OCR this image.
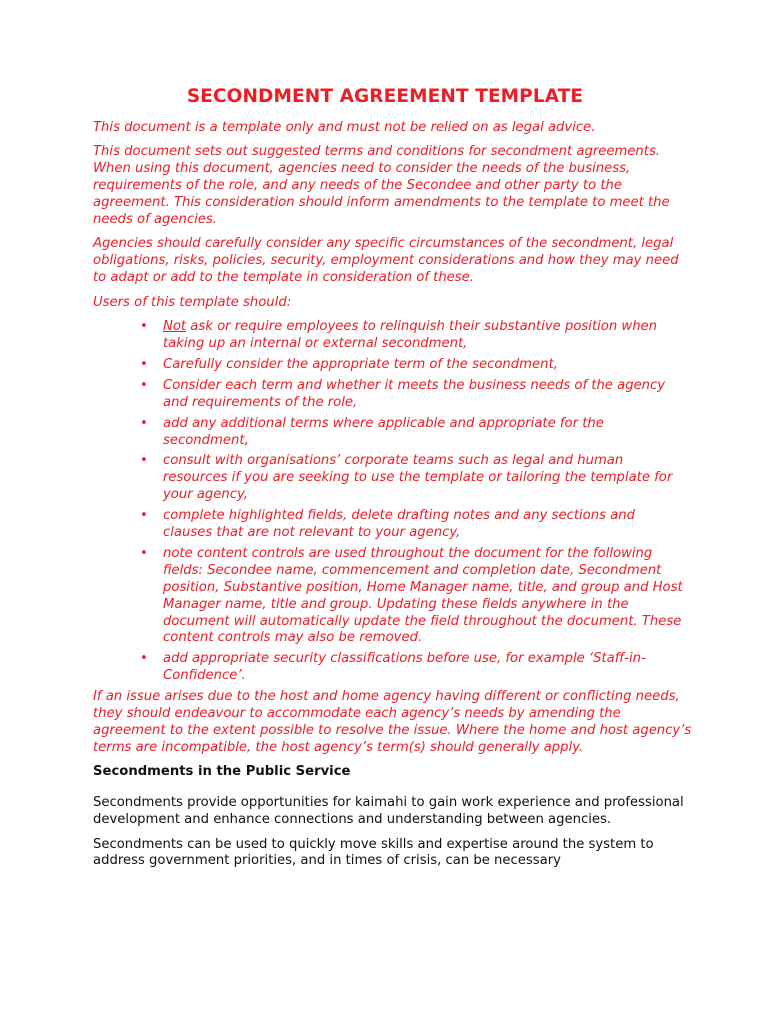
SECONDMENT AGREEMENT TEMPLATE

This document is a template only and must not be relied on as legal advice.

This document sets out suggested terms and conditions for secondment agreements. When using this document, agencies need to consider the needs of the business, requirements of the role, and any needs of the Secondee and other party to the agreement. This consideration should inform amendments to the template to meet the needs of agencies.

Agencies should carefully consider any specific circumstances of the secondment, legal obligations, risks, policies, security, employment considerations and how they may need to adapt or add to the template in consideration of these.

Users of this template should:

• Not ask or require employees to relinquish their substantive position when taking up an internal or external secondment,
• Carefully consider the appropriate term of the secondment,
• Consider each term and whether it meets the business needs of the agency and requirements of the role,
• add any additional terms where applicable and appropriate for the secondment,
• consult with organisations’ corporate teams such as legal and human resources if you are seeking to use the template or tailoring the template for your agency,
• complete highlighted fields, delete drafting notes and any sections and clauses that are not relevant to your agency,
• note content controls are used throughout the document for the following fields: Secondee name, commencement and completion date, Secondment position, Substantive position, Home Manager name, title, and group and Host Manager name, title and group. Updating these fields anywhere in the document will automatically update the field throughout the document. These content controls may also be removed.
• add appropriate security classifications before use, for example ‘Staff-in-Confidence’.

If an issue arises due to the host and home agency having different or conflicting needs, they should endeavour to accommodate each agency’s needs by amending the agreement to the extent possible to resolve the issue. Where the home and host agency’s terms are incompatible, the host agency’s term(s) should generally apply.

Secondments in the Public Service

Secondments provide opportunities for kaimahi to gain work experience and professional development and enhance connections and understanding between agencies.

Secondments can be used to quickly move skills and expertise around the system to address government priorities, and in times of crisis, can be necessary
